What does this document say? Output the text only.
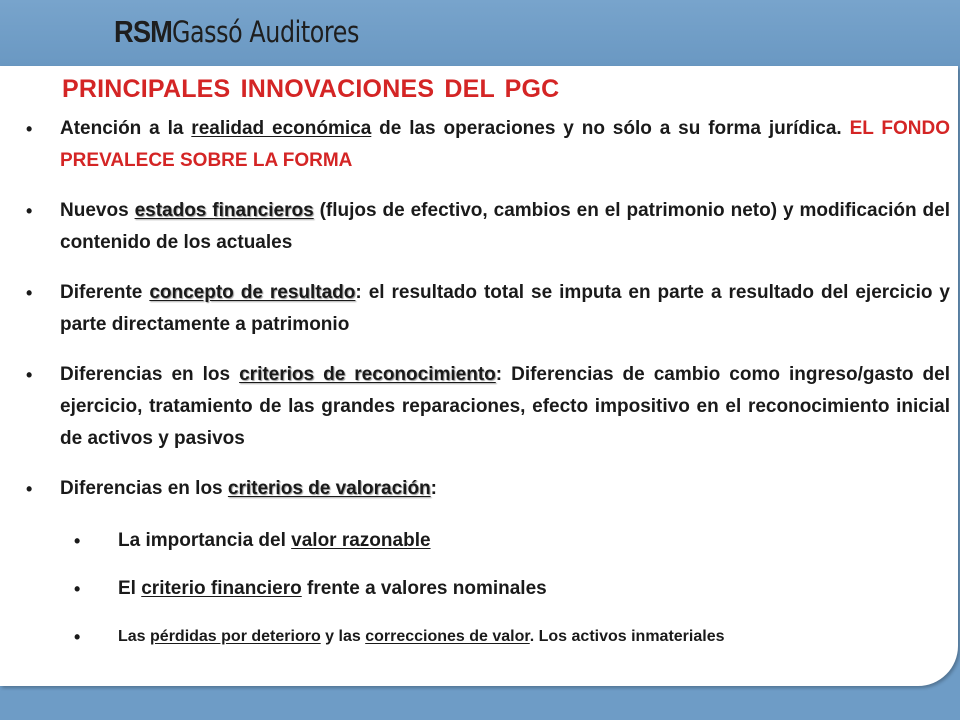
RSM Gassó Auditores
PRINCIPALES INNOVACIONES DEL PGC
• Atención a la realidad económica de las operaciones y no sólo a su forma jurídica. EL FONDO PREVALECE SOBRE LA FORMA
• Nuevos estados financieros (flujos de efectivo, cambios en el patrimonio neto) y modificación del contenido de los actuales
• Diferente concepto de resultado: el resultado total se imputa en parte a resultado del ejercicio y parte directamente a patrimonio
• Diferencias en los criterios de reconocimiento: Diferencias de cambio como ingreso/gasto del ejercicio, tratamiento de las grandes reparaciones, efecto impositivo en el reconocimiento inicial de activos y pasivos
• Diferencias en los criterios de valoración:
• La importancia del valor razonable
• El criterio financiero frente a valores nominales
• Las pérdidas por deterioro y las correcciones de valor. Los activos inmateriales
